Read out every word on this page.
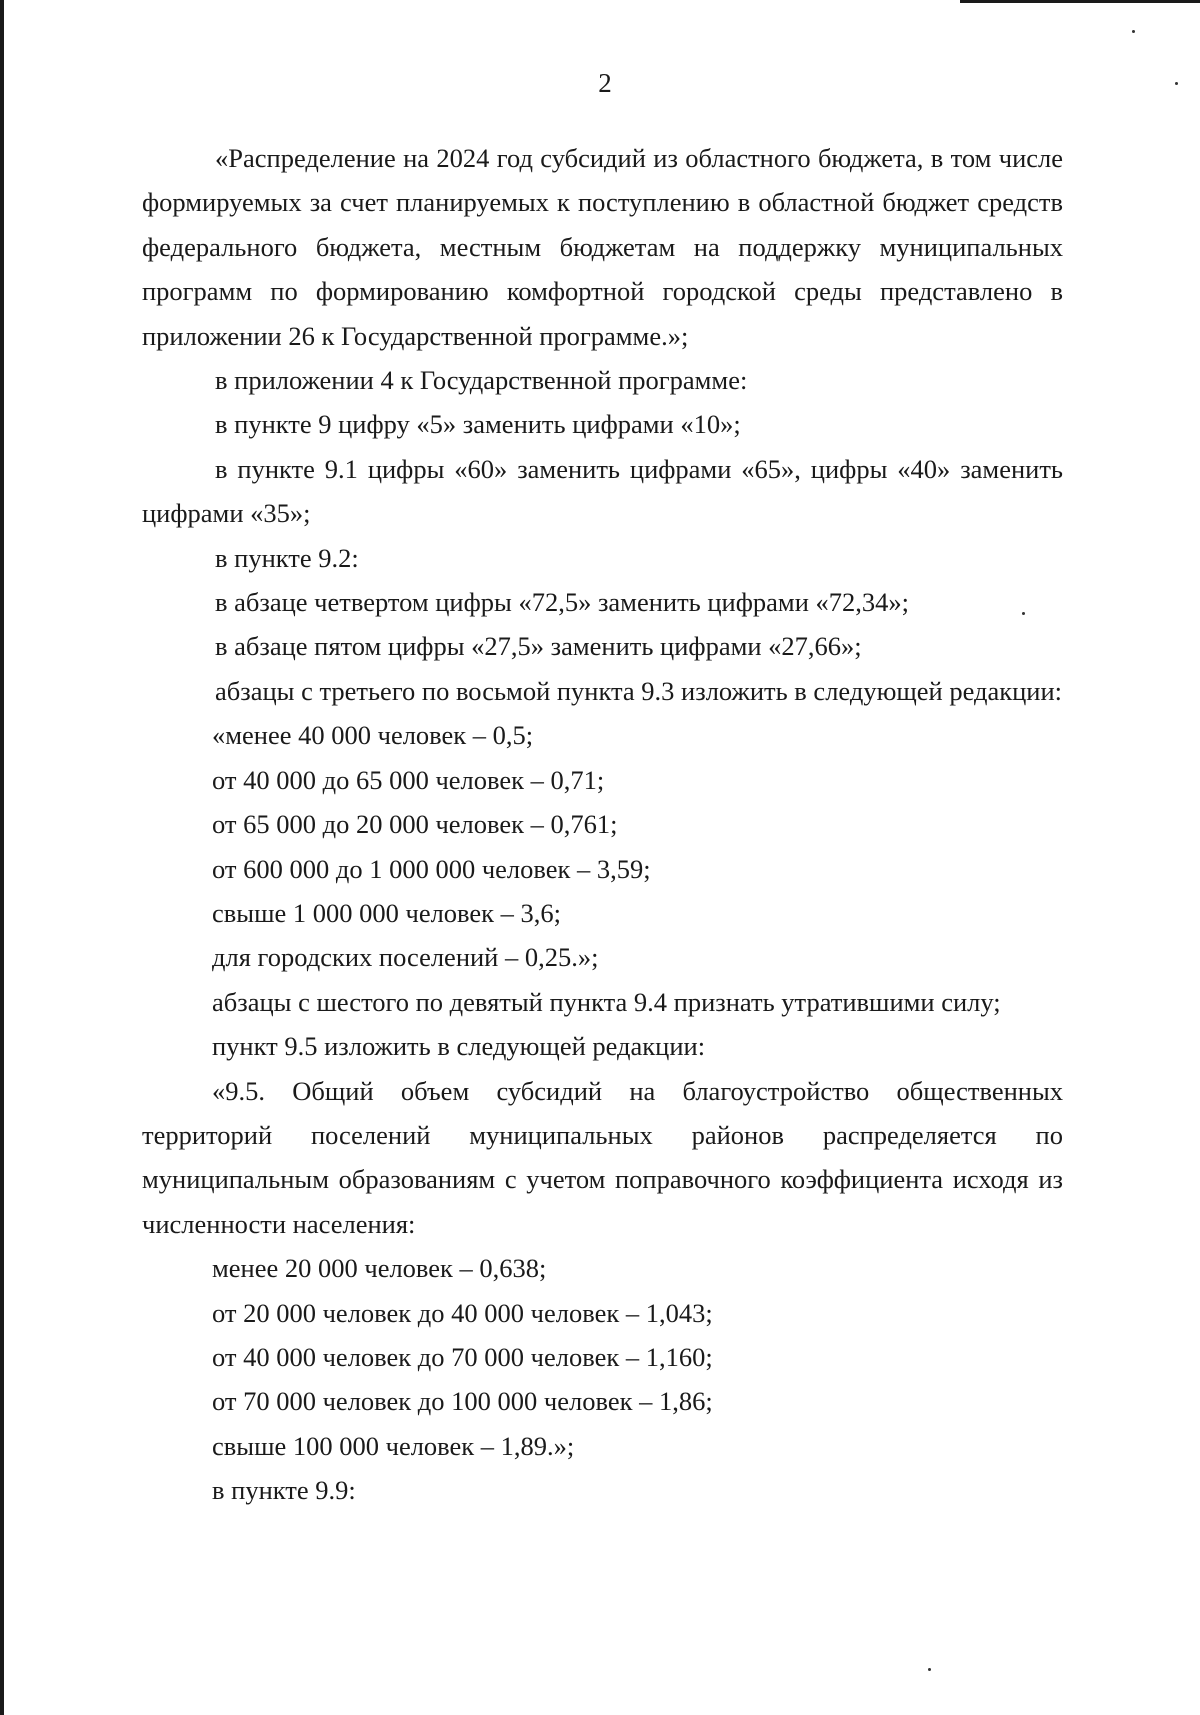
2

«Распределение на 2024 год субсидий из областного бюджета, в том числе формируемых за счет планируемых к поступлению в областной бюджет средств федерального бюджета, местным бюджетам на поддержку муниципальных программ по формированию комфортной городской среды представлено в приложении 26 к Государственной программе.»;

в приложении 4 к Государственной программе:

в пункте 9 цифру «5» заменить цифрами «10»;

в пункте 9.1 цифры «60» заменить цифрами «65», цифры «40» заменить цифрами «35»;

в пункте 9.2:

в абзаце четвертом цифры «72,5» заменить цифрами «72,34»;

в абзаце пятом цифры «27,5» заменить цифрами «27,66»;

абзацы с третьего по восьмой пункта 9.3 изложить в следующей редакции:

«менее 40 000 человек – 0,5;

от 40 000 до 65 000 человек – 0,71;

от 65 000 до 20 000 человек – 0,761;

от 600 000 до 1 000 000 человек – 3,59;

свыше 1 000 000 человек – 3,6;

для городских поселений – 0,25.»;

абзацы с шестого по девятый пункта 9.4 признать утратившими силу;

пункт 9.5 изложить в следующей редакции:

«9.5. Общий объем субсидий на благоустройство общественных территорий поселений муниципальных районов распределяется по муниципальным образованиям с учетом поправочного коэффициента исходя из численности населения:

менее 20 000 человек – 0,638;

от 20 000 человек до 40 000 человек – 1,043;

от 40 000 человек до 70 000 человек – 1,160;

от 70 000 человек до 100 000 человек – 1,86;

свыше 100 000 человек – 1,89.»;

в пункте 9.9:
